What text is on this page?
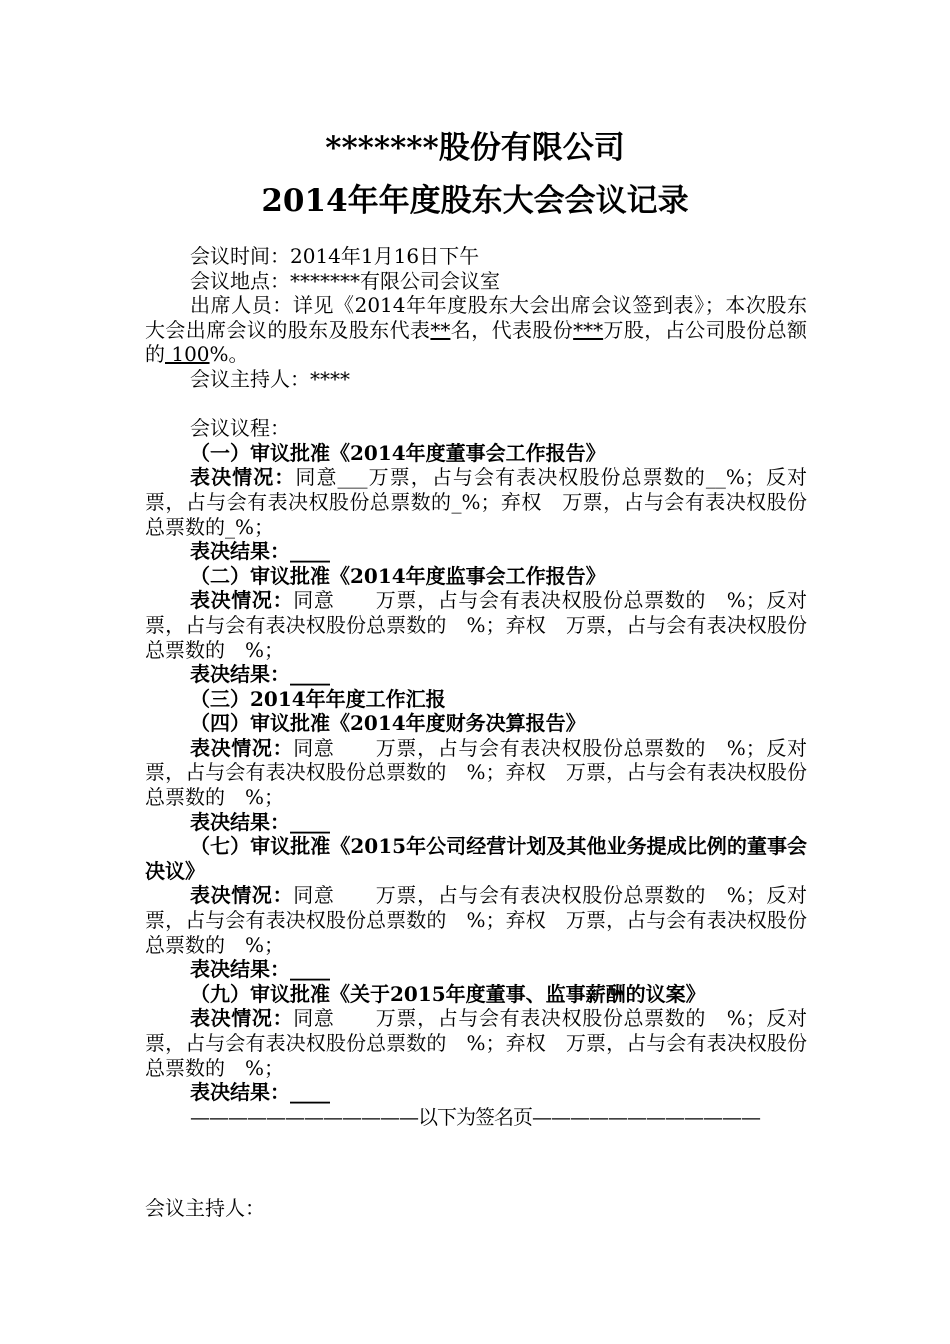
*******股份有限公司
2014年年度股东大会会议记录

会议时间：2014年1月16日下午

会议地点：*******有限公司会议室

出席人员：详见《2014年年度股东大会出席会议签到表》；本次股东大会出席会议的股东及股东代表**名，代表股份***万股，占公司股份总额的 100%。

会议主持人：****

会议议程：

（一）审议批准《2014年度董事会工作报告》

表决情况：同意___万票，占与会有表决权股份总票数的__%；反对　票，占与会有表决权股份总票数的_%；弃权　万票，占与会有表决权股份总票数的_%；

表决结果：____

（二）审议批准《2014年度监事会工作报告》

表决情况：同意　　万票，占与会有表决权股份总票数的　%；反对　票，占与会有表决权股份总票数的　%；弃权　万票，占与会有表决权股份总票数的　%；

表决结果：____

（三）2014年年度工作汇报

（四）审议批准《2014年度财务决算报告》

表决情况：同意　　万票，占与会有表决权股份总票数的　%；反对　票，占与会有表决权股份总票数的　%；弃权　万票，占与会有表决权股份总票数的　%；

表决结果：____

（七）审议批准《2015年公司经营计划及其他业务提成比例的董事会决议》

表决情况：同意　　万票，占与会有表决权股份总票数的　%；反对　票，占与会有表决权股份总票数的　%；弃权　万票，占与会有表决权股份总票数的　%；

表决结果：____

（九）审议批准《关于2015年度董事、监事薪酬的议案》

表决情况：同意　　万票，占与会有表决权股份总票数的　%；反对　票，占与会有表决权股份总票数的　%；弃权　万票，占与会有表决权股份总票数的　%；

表决结果：____

————————————以下为签名页————————————

会议主持人：
